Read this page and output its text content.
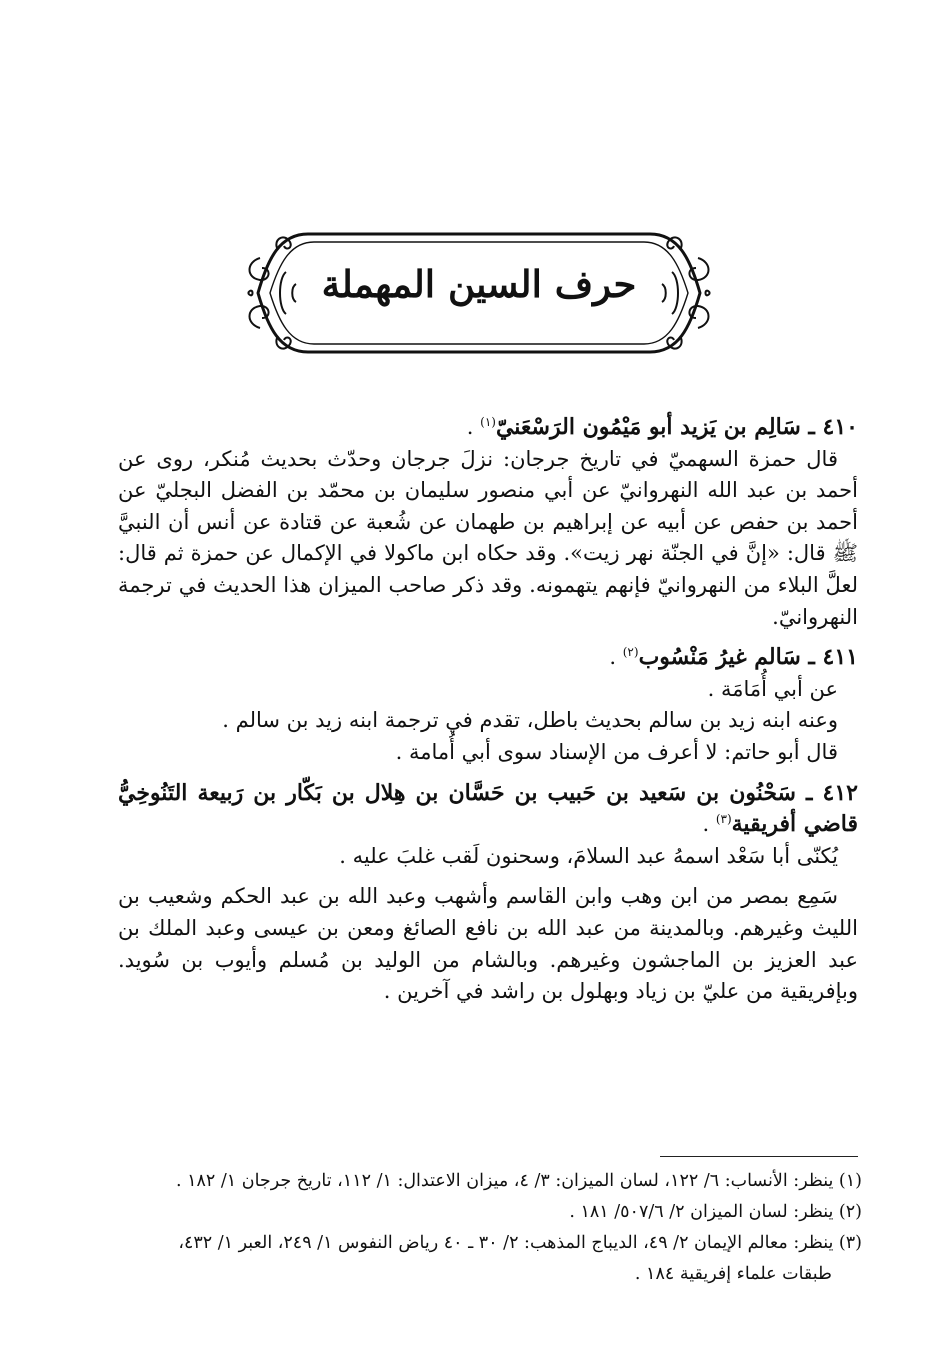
حرف السين المهملة

٤١٠ ـ سَالِم بن يَزيد أبو مَيْمُون الرَسْعَنيّ$^{(١)}$ .

قال حمزة السهميّ في تاريخ جرجان: نزلَ جرجان وحدّث بحديث مُنكر، روى عن أحمد بن عبد الله النهروانيّ عن أبي منصور سليمان بن محمّد بن الفضل البجليّ عن أحمد بن حفص عن أبيه عن إبراهيم بن طهمان عن شُعبة عن قتادة عن أنس أن النبيَّ ﷺ قال: «إنَّ في الجنّة نهر زيت». وقد حكاه ابن ماكولا في الإكمال عن حمزة ثم قال: لعلَّ البلاء من النهروانيّ فإنهم يتهمونه. وقد ذكر صاحب الميزان هذا الحديث في ترجمة النهروانيّ.

٤١١ ـ سَالم غيرُ مَنْسُوب$^{(٢)}$ .

عن أبي أُمَامَة .

وعنه ابنه زيد بن سالم بحديث باطل، تقدم في ترجمة ابنه زيد بن سالم .

قال أبو حاتم: لا أعرف من الإسناد سوى أبي أُمامة .

٤١٢ ـ سَحْنُون بن سَعيد بن حَبيب بن حَسَّان بن هِلال بن بَكّار بن رَبيعة التَنُوخِيُّ قاضي أفريقية$^{(٣)}$ .

يُكنّى أبا سَعْد اسمهُ عبد السلامَ، وسحنون لَقب غلبَ عليه .

سَمِع بمصر من ابن وهب وابن القاسم وأشهب وعبد الله بن عبد الحكم وشعيب بن الليث وغيرهم. وبالمدينة من عبد الله بن نافع الصائغ ومعن بن عيسى وعبد الملك بن عبد العزيز بن الماجشون وغيرهم. وبالشام من الوليد بن مُسلم وأيوب بن سُويد. وبإفريقية من عليّ بن زياد وبهلول بن راشد في آخرين .

(١) ينظر: الأنساب: ٦/ ١٢٢، لسان الميزان: ٣/ ٤، ميزان الاعتدال: ١/ ١١٢، تاريخ جرجان ١/ ١٨٢ .

(٢) ينظر: لسان الميزان ٢/ ٥٠٧/٦/ ١٨١ .

(٣) ينظر: معالم الإيمان ٢/ ٤٩، الديباج المذهب: ٢/ ٣٠ ـ ٤٠ رياض النفوس ١/ ٢٤٩، العبر ١/ ٤٣٢،

طبقات علماء إفريقية ١٨٤ .
